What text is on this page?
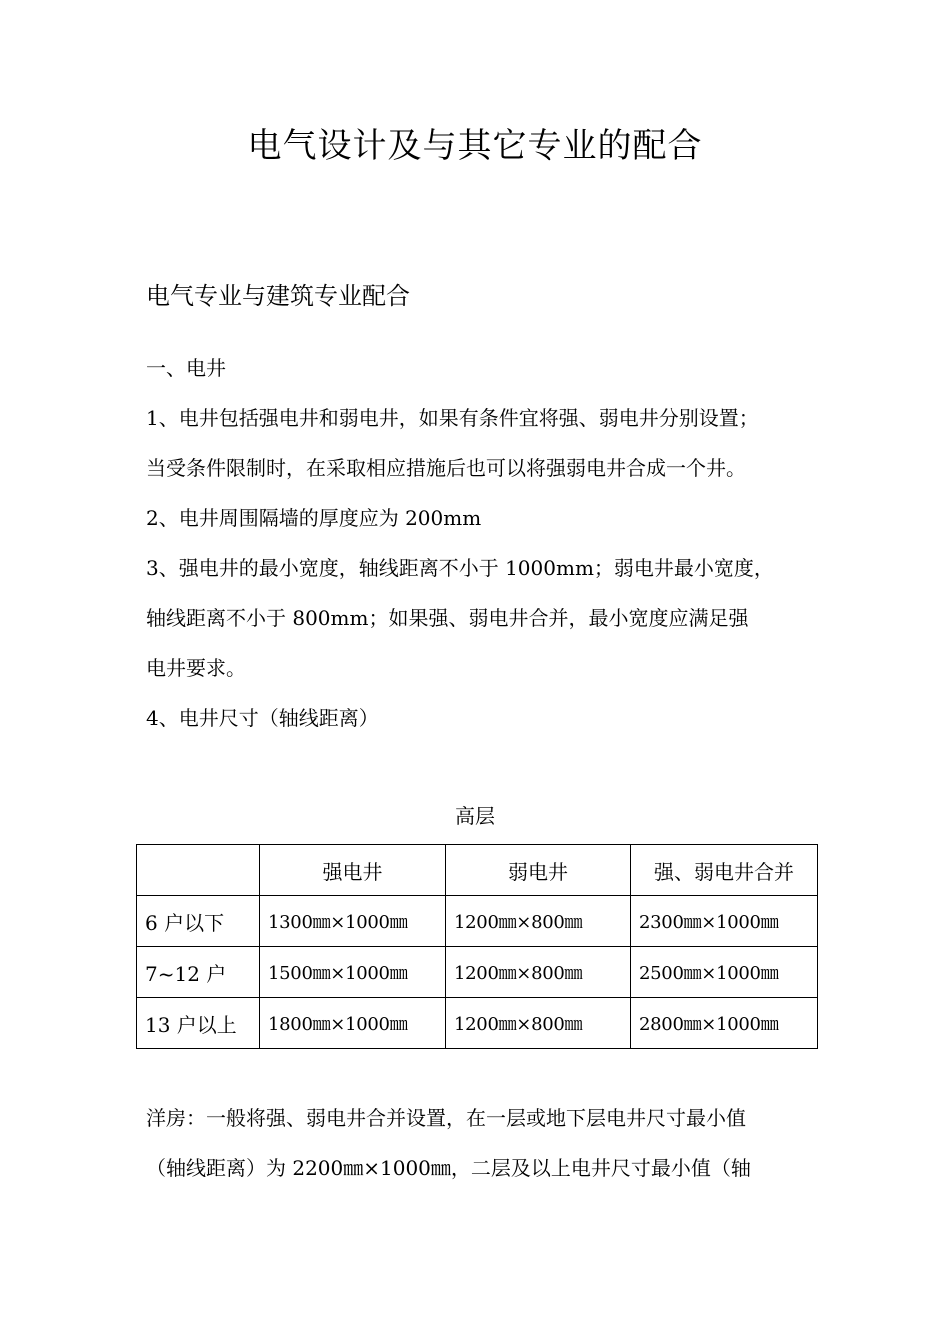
电气设计及与其它专业的配合
电气专业与建筑专业配合
一、电井
1、电井包括强电井和弱电井，如果有条件宜将强、弱电井分别设置；
当受条件限制时，在采取相应措施后也可以将强弱电井合成一个井。
2、电井周围隔墙的厚度应为 200mm
3、强电井的最小宽度，轴线距离不小于 1000mm；弱电井最小宽度，
轴线距离不小于 800mm；如果强、弱电井合并，最小宽度应满足强
电井要求。
4、电井尺寸（轴线距离）
高层
	强电井	弱电井	强、弱电井合并
6 户以下	1300㎜×1000㎜	1200㎜×800㎜	2300㎜×1000㎜
7~12 户	1500㎜×1000㎜	1200㎜×800㎜	2500㎜×1000㎜
13 户以上	1800㎜×1000㎜	1200㎜×800㎜	2800㎜×1000㎜
洋房：一般将强、弱电井合并设置，在一层或地下层电井尺寸最小值
（轴线距离）为 2200㎜×1000㎜，二层及以上电井尺寸最小值（轴
